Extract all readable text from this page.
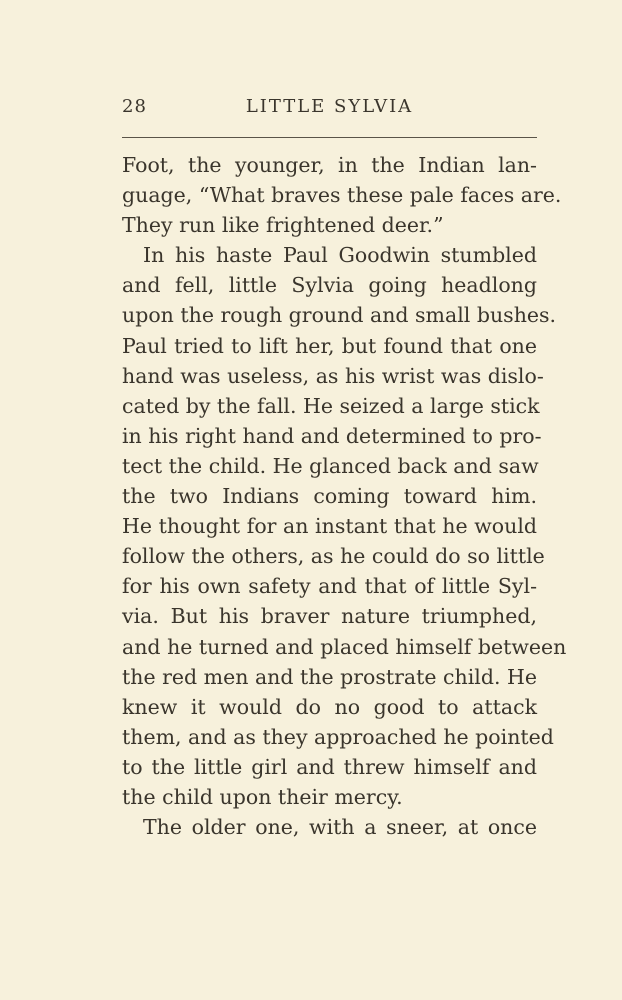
28	LITTLE SYLVIA
Foot, the younger, in the Indian lan-
guage, “What braves these pale faces are.
They run like frightened deer.”
In his haste Paul Goodwin stumbled
and fell, little Sylvia going headlong
upon the rough ground and small bushes.
Paul tried to lift her, but found that one
hand was useless, as his wrist was dislo-
cated by the fall. He seized a large stick
in his right hand and determined to pro-
tect the child. He glanced back and saw
the two Indians coming toward him.
He thought for an instant that he would
follow the others, as he could do so little
for his own safety and that of little Syl-
via. But his braver nature triumphed,
and he turned and placed himself between
the red men and the prostrate child. He
knew it would do no good to attack
them, and as they approached he pointed
to the little girl and threw himself and
the child upon their mercy.
The older one, with a sneer, at once
